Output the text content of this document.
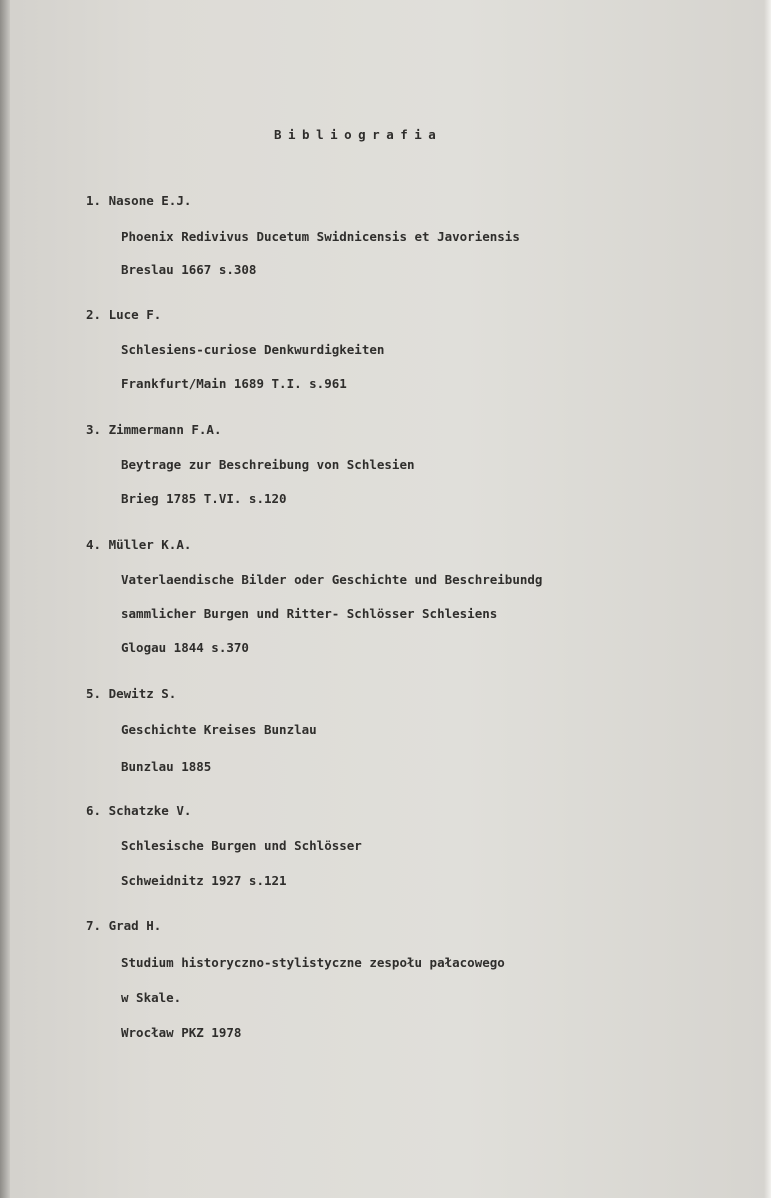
Bibliografia
1. Nasone E.J.
Phoenix Redivivus Ducetum Swidnicensis et Javoriensis
Breslau 1667 s.308
2. Luce F.
Schlesiens-curiose Denkwurdigkeiten
Frankfurt/Main 1689 T.I. s.961
3. Zimmermann F.A.
Beytrage zur Beschreibung von Schlesien
Brieg 1785 T.VI. s.120
4. Müller K.A.
Vaterlaendische Bilder oder Geschichte und Beschreibundg
sammlicher Burgen und Ritter- Schlösser Schlesiens
Glogau 1844 s.370
5. Dewitz S.
Geschichte Kreises Bunzlau
Bunzlau 1885
6. Schatzke V.
Schlesische Burgen und Schlösser
Schweidnitz 1927 s.121
7. Grad H.
Studium historyczno-stylistyczne zespołu pałacowego
w Skale.
Wrocław PKZ 1978
